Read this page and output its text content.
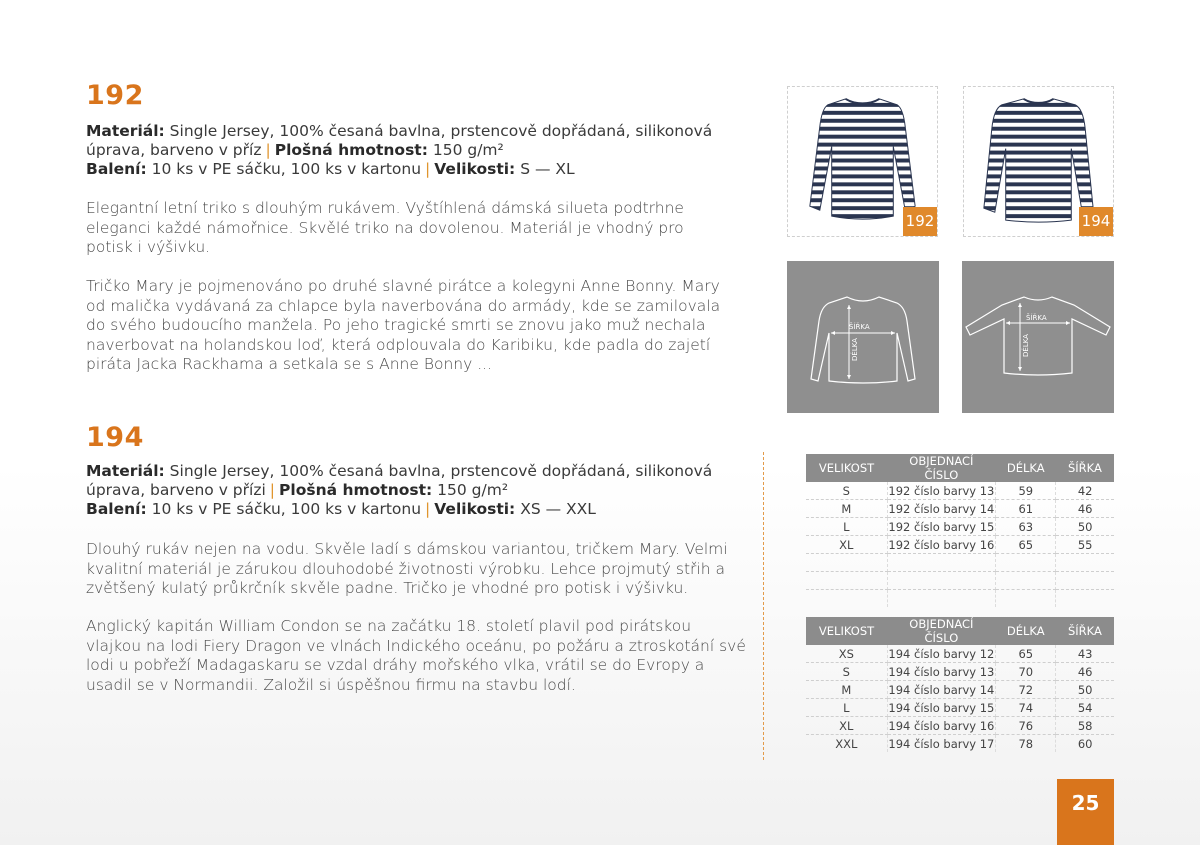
192
Materiál: Single Jersey, 100% česaná bavlna, prstencově dopřádaná, silikonová úprava, barveno v příz | Plošná hmotnost: 150 g/m²
Balení: 10 ks v PE sáčku, 100 ks v kartonu | Velikosti: S — XL

Elegantní letní triko s dlouhým rukávem. Vyštíhlená dámská silueta podtrhne eleganci každé námořnice. Skvělé triko na dovolenou. Materiál je vhodný pro potisk i výšivku.

Tričko Mary je pojmenováno po druhé slavné pirátce a kolegyni Anne Bonny. Mary od malička vydávaná za chlapce byla naverbována do armády, kde se zamilovala do svého budoucího manžela. Po jeho tragické smrti se znovu jako muž nechala naverbovat na holandskou loď, která odplouvala do Karibiku, kde padla do zajetí piráta Jacka Rackhama a setkala se s Anne Bonny ...

194
Materiál: Single Jersey, 100% česaná bavlna, prstencově dopřádaná, silikonová úprava, barveno v přízi | Plošná hmotnost: 150 g/m²
Balení: 10 ks v PE sáčku, 100 ks v kartonu | Velikosti: XS — XXL

Dlouhý rukáv nejen na vodu. Skvěle ladí s dámskou variantou, tričkem Mary. Velmi kvalitní materiál je zárukou dlouhodobé životnosti výrobku. Lehce projmutý střih a zvětšený kulatý průkrčník skvěle padne. Tričko je vhodné pro potisk i výšivku.

Anglický kapitán William Condon se na začátku 18. století plavil pod pirátskou vlajkou na lodi Fiery Dragon ve vlnách Indického oceánu, po požáru a ztroskotání své lodi u pobřeží Madagaskaru se vzdal dráhy mořského vlka, vrátil se do Evropy a usadil se v Normandii. Založil si úspěšnou firmu na stavbu lodí.

192	194
ŠÍŘKA
DÉLKA
ŠÍŘKA
DÉLKA
VELIKOST	OBJEDNACÍ ČÍSLO	DÉLKA	ŠÍŘKA
S	192 číslo barvy 13	59	42
M	192 číslo barvy 14	61	46
L	192 číslo barvy 15	63	50
XL	192 číslo barvy 16	65	55

VELIKOST	OBJEDNACÍ ČÍSLO	DÉLKA	ŠÍŘKA
XS	194 číslo barvy 12	65	43
S	194 číslo barvy 13	70	46
M	194 číslo barvy 14	72	50
L	194 číslo barvy 15	74	54
XL	194 číslo barvy 16	76	58
XXL	194 číslo barvy 17	78	60
25
